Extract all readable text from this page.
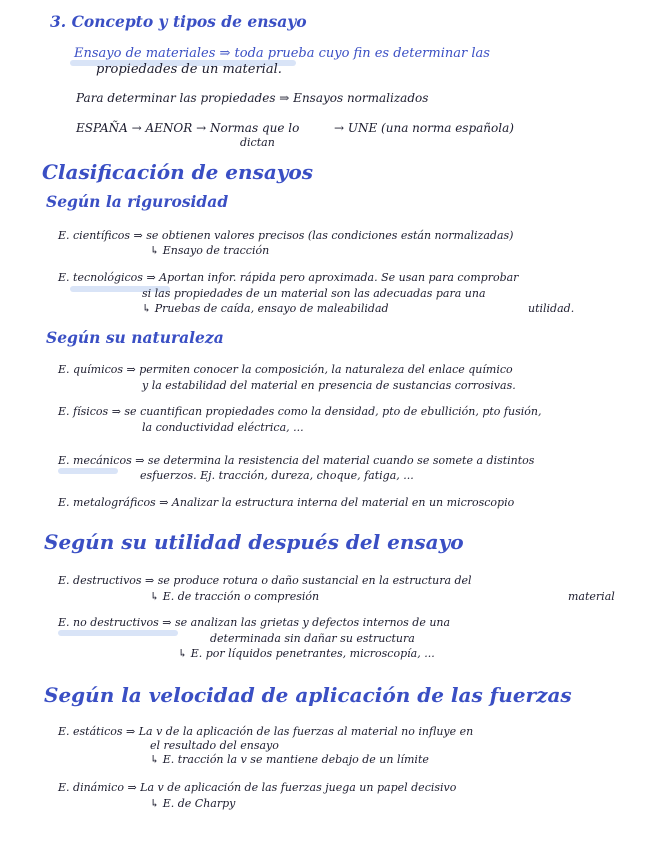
3. Concepto y tipos de ensayo

Ensayo de materiales ⇒ toda prueba cuyo fin es determinar las

propiedades de un material.

Para determinar las propiedades ⇒ Ensayos normalizados

ESPAÑA → AENOR → Normas que lo	→ UNE (una norma española)

dictan

Clasificación de ensayos
Según la rigurosidad

E. científicos ⇒ se obtienen valores precisos (las condiciones están normalizadas)

↳ Ensayo de tracción

E. tecnológicos ⇒ Aportan infor. rápida pero aproximada. Se usan para comprobar

si las propiedades de un material son las adecuadas para una

↳ Pruebas de caída, ensayo de maleabilidad	utilidad.

Según su naturaleza

E. químicos ⇒ permiten conocer la composición, la naturaleza del enlace químico

y la estabilidad del material en presencia de sustancias corrosivas.

E. físicos ⇒ se cuantifican propiedades como la densidad, pto de ebullición, pto fusión,

la conductividad eléctrica, ...

E. mecánicos ⇒ se determina la resistencia del material cuando se somete a distintos

esfuerzos. Ej. tracción, dureza, choque, fatiga, ...

E. metalográficos ⇒ Analizar la estructura interna del material en un microscopio

Según su utilidad después del ensayo

E. destructivos ⇒ se produce rotura o daño sustancial en la estructura del

↳ E. de tracción o compresión	material

E. no destructivos ⇒ se analizan las grietas y defectos internos de una

determinada sin dañar su estructura

↳ E. por líquidos penetrantes, microscopía, ...

Según la velocidad de aplicación de las fuerzas

E. estáticos ⇒ La v de la aplicación de las fuerzas al material no influye en

el resultado del ensayo

↳ E. tracción la v se mantiene debajo de un límite

E. dinámico ⇒ La v de aplicación de las fuerzas juega un papel decisivo

↳ E. de Charpy
